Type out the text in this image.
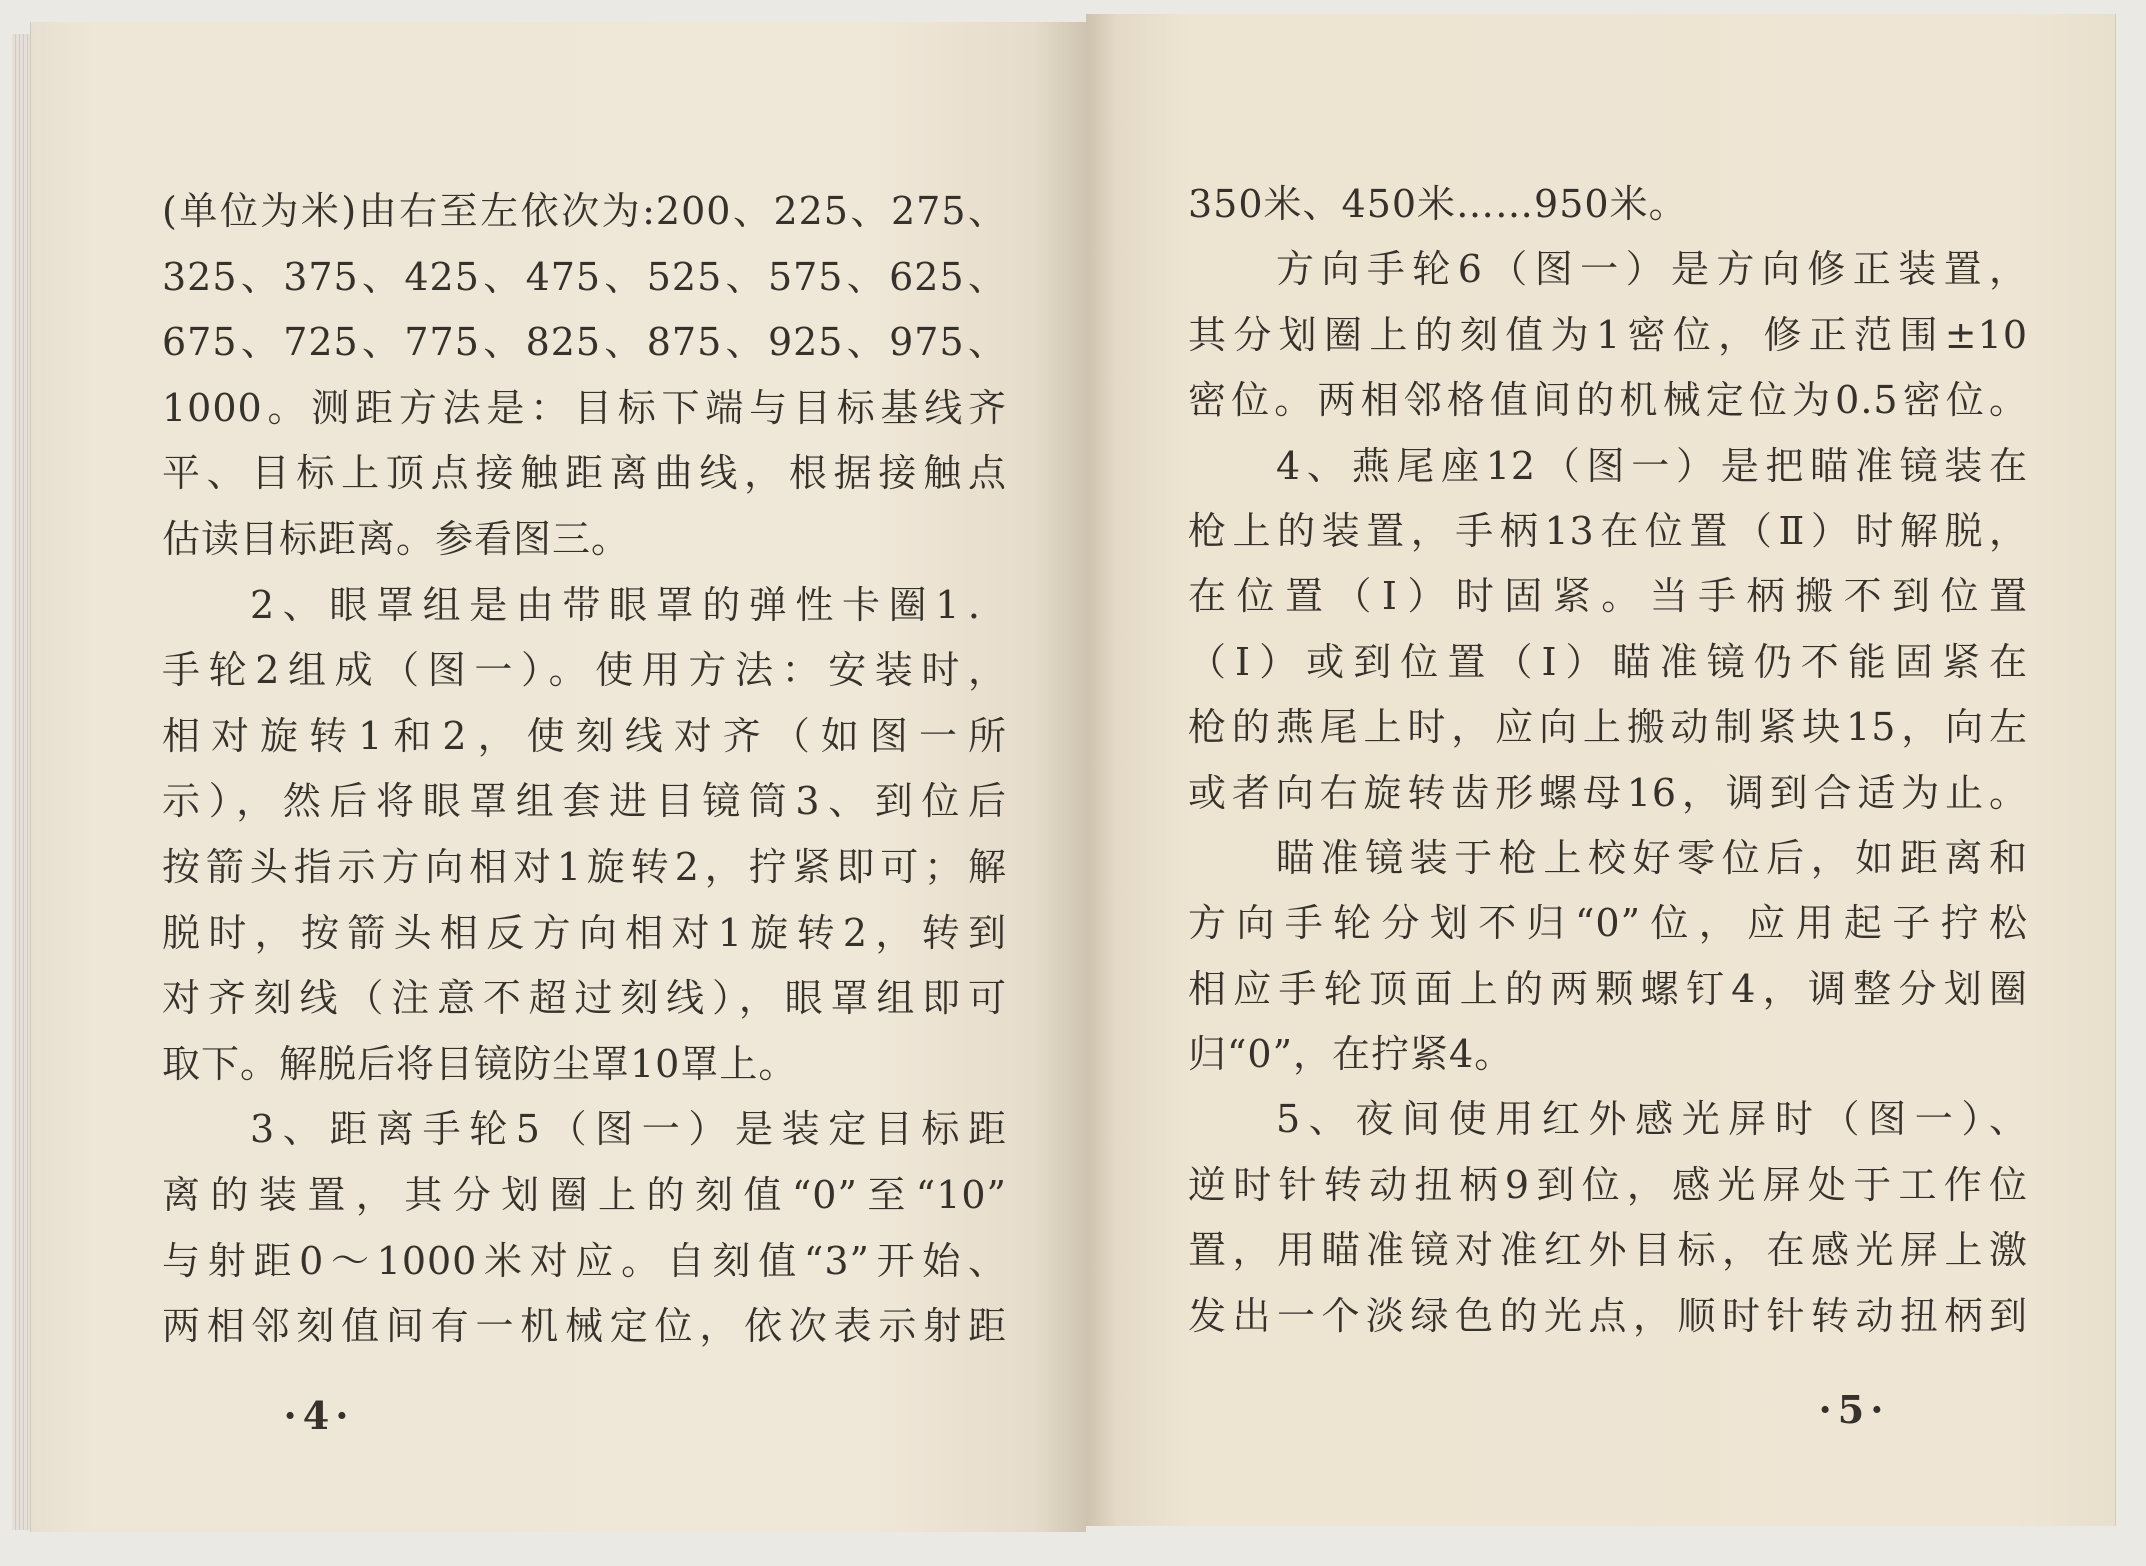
(单位为米)由右至左依次为:200、225、275、
325、375、425、475、525、575、625、
675、725、775、825、875、925、975、
1000。测距方法是：目标下端与目标基线齐
平、目标上顶点接触距离曲线，根据接触点
估读目标距离。参看图三。
2、眼罩组是由带眼罩的弹性卡圈1．
手轮2组成（图一）。使用方法：安装时，
相对旋转1和2，使刻线对齐（如图一所
示），然后将眼罩组套进目镜筒3、到位后
按箭头指示方向相对1旋转2，拧紧即可；解
脱时，按箭头相反方向相对1旋转2，转到
对齐刻线（注意不超过刻线），眼罩组即可
取下。解脱后将目镜防尘罩10罩上。
3、距离手轮5（图一）是装定目标距
离的装置，其分划圈上的刻值“0”至“10”
与射距0～1000米对应。自刻值“3”开始、
两相邻刻值间有一机械定位，依次表示射距
·4·
350米、450米……950米。
方向手轮6（图一）是方向修正装置，
其分划圈上的刻值为1密位，修正范围±10
密位。两相邻格值间的机械定位为0.5密位。
4、燕尾座12（图一）是把瞄准镜装在
枪上的装置，手柄13在位置（Ⅱ）时解脱，
在位置（Ⅰ）时固紧。当手柄搬不到位置
（Ⅰ）或到位置（Ⅰ）瞄准镜仍不能固紧在
枪的燕尾上时，应向上搬动制紧块15，向左
或者向右旋转齿形螺母16，调到合适为止。
瞄准镜装于枪上校好零位后，如距离和
方向手轮分划不归“0”位，应用起子拧松
相应手轮顶面上的两颗螺钉4，调整分划圈
归“0”，在拧紧4。
5、夜间使用红外感光屏时（图一）、
逆时针转动扭柄9到位，感光屏处于工作位
置，用瞄准镜对准红外目标，在感光屏上激
发出一个淡绿色的光点，顺时针转动扭柄到
·5·
